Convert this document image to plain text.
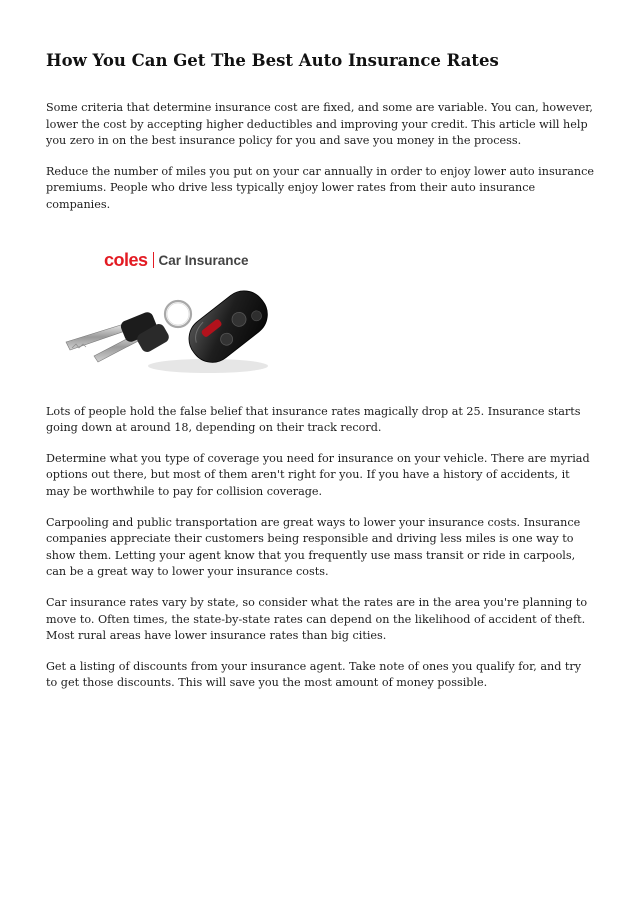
How You Can Get The Best Auto Insurance Rates

Some criteria that determine insurance cost are fixed, and some are variable. You can, however, lower the cost by accepting higher deductibles and improving your credit. This article will help you zero in on the best insurance policy for you and save you money in the process.

Reduce the number of miles you put on your car annually in order to enjoy lower auto insurance premiums. People who drive less typically enjoy lower rates from their auto insurance companies.

coles Car Insurance

Lots of people hold the false belief that insurance rates magically drop at 25. Insurance starts going down at around 18, depending on their track record.

Determine what you type of coverage you need for insurance on your vehicle. There are myriad options out there, but most of them aren't right for you. If you have a history of accidents, it may be worthwhile to pay for collision coverage.

Carpooling and public transportation are great ways to lower your insurance costs. Insurance companies appreciate their customers being responsible and driving less miles is one way to show them. Letting your agent know that you frequently use mass transit or ride in carpools, can be a great way to lower your insurance costs.

Car insurance rates vary by state, so consider what the rates are in the area you're planning to move to. Often times, the state-by-state rates can depend on the likelihood of accident of theft. Most rural areas have lower insurance rates than big cities.

Get a listing of discounts from your insurance agent. Take note of ones you qualify for, and try to get those discounts. This will save you the most amount of money possible.
